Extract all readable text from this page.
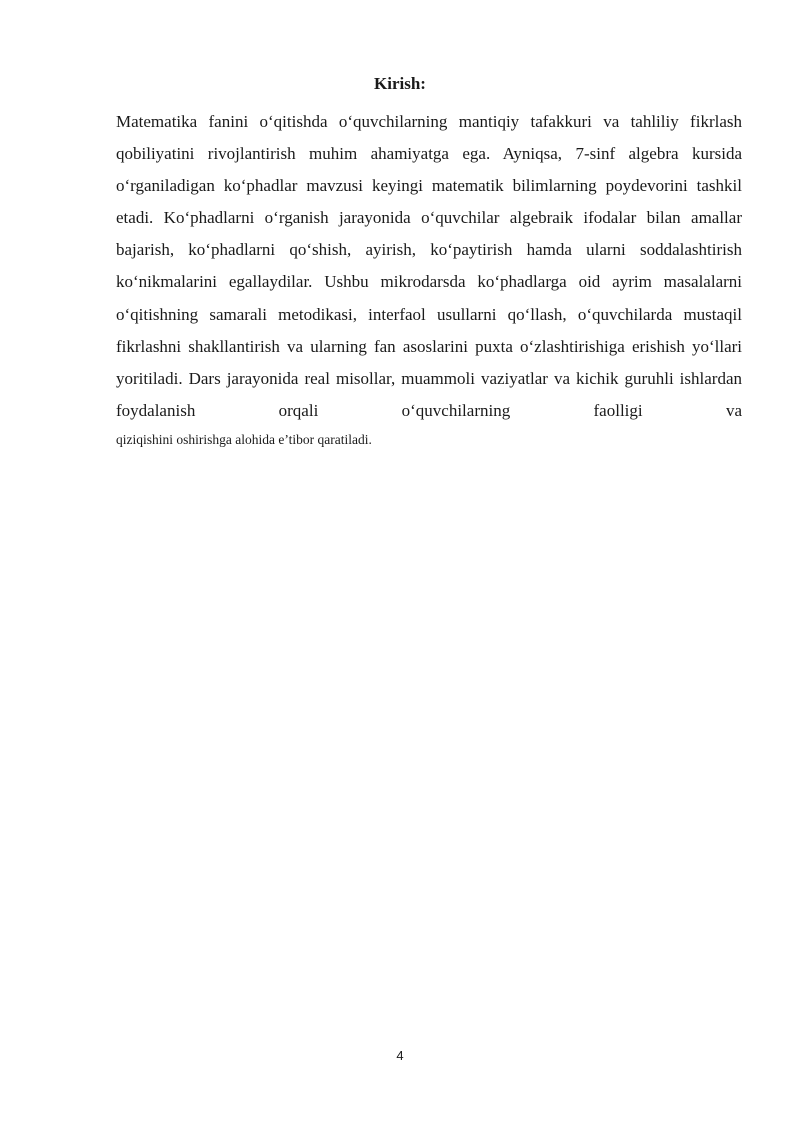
Kirish:

Matematika fanini o‘qitishda o‘quvchilarning mantiqiy tafakkuri va tahliliy fikrlash qobiliyatini rivojlantirish muhim ahamiyatga ega. Ayniqsa, 7-sinf algebra kursida o‘rganiladigan ko‘phadlar mavzusi keyingi matematik bilimlarning poydevorini tashkil etadi. Ko‘phadlarni o‘rganish jarayonida o‘quvchilar algebraik ifodalar bilan amallar bajarish, ko‘phadlarni qo‘shish, ayirish, ko‘paytirish hamda ularni soddalashtirish ko‘nikmalarini egallaydilar. Ushbu mikrodarsda ko‘phadlarga oid ayrim masalalarni o‘qitishning samarali metodikasi, interfaol usullarni qo‘llash, o‘quvchilarda mustaqil fikrlashni shakllantirish va ularning fan asoslarini puxta o‘zlashtirishiga erishish yo‘llari yoritiladi. Dars jarayonida real misollar, muammoli vaziyatlar va kichik guruhli ishlardan foydalanish orqali o‘quvchilarning faolligi va

qiziqishini oshirishga alohida e’tibor qaratiladi.

4
